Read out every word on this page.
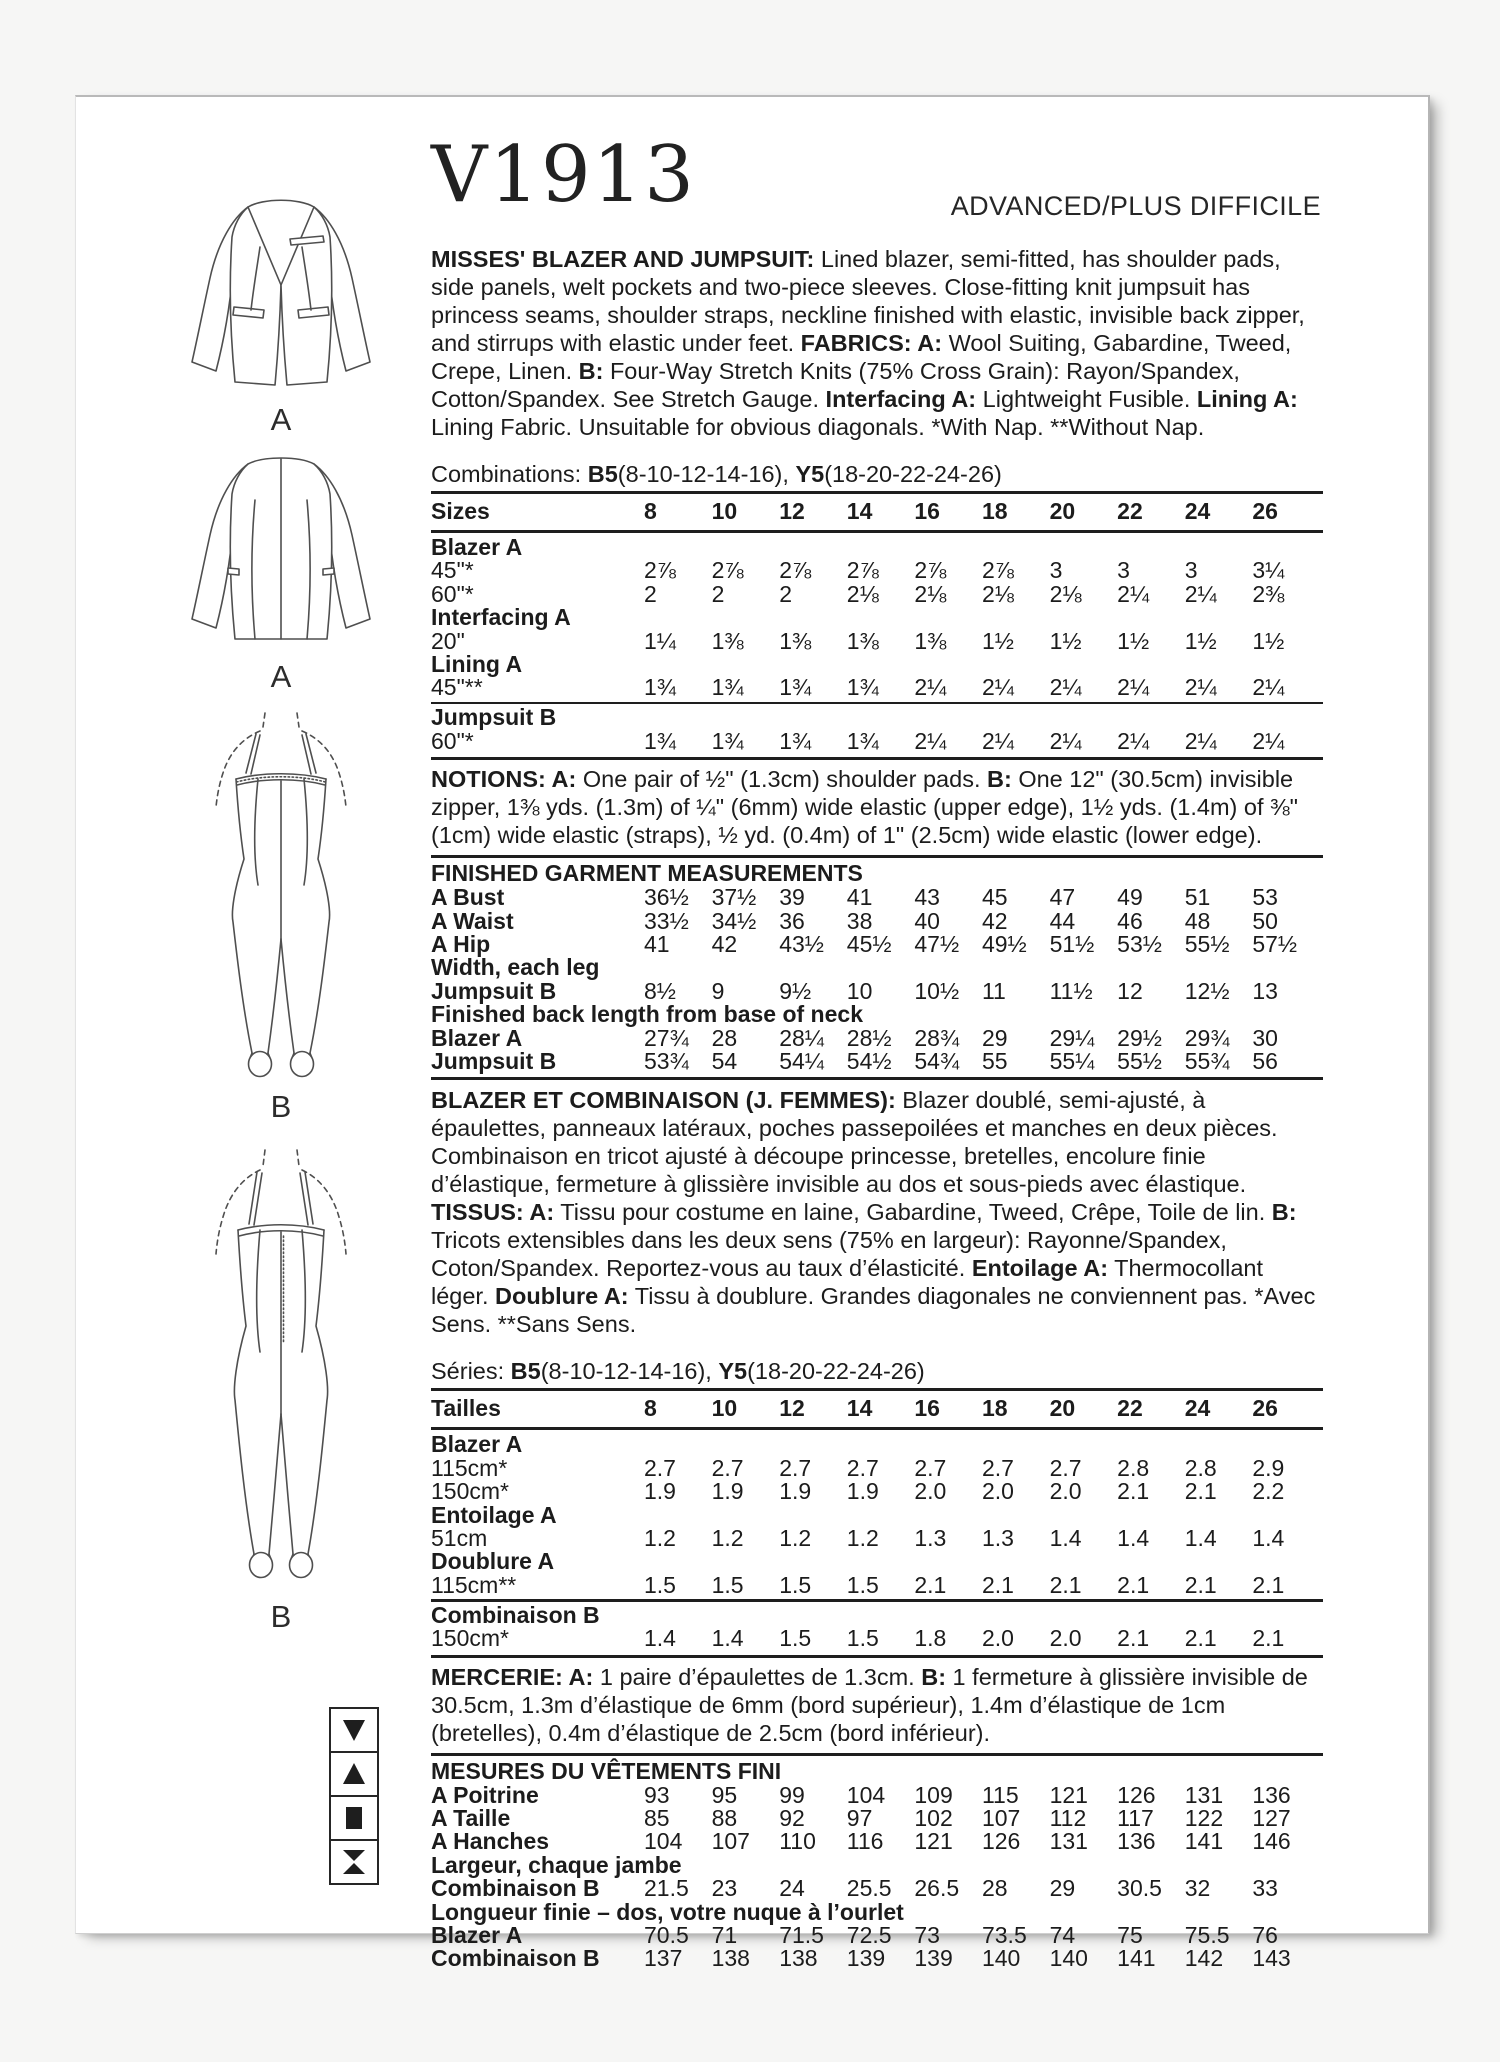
A
A
B
B
V1913	ADVANCED/PLUS DIFFICILE
MISSES' BLAZER AND JUMPSUIT: Lined blazer, semi-fitted, has shoulder pads, side panels, welt pockets and two-piece sleeves. Close-fitting knit jumpsuit has princess seams, shoulder straps, neckline finished with elastic, invisible back zipper, and stirrups with elastic under feet. FABRICS: A: Wool Suiting, Gabardine, Tweed, Crepe, Linen. B: Four-Way Stretch Knits (75% Cross Grain): Rayon/Spandex, Cotton/Spandex. See Stretch Gauge. Interfacing A: Lightweight Fusible. Lining A: Lining Fabric. Unsuitable for obvious diagonals. *With Nap. **Without Nap.
Combinations: B5(8-10-12-14-16), Y5(18-20-22-24-26)
Sizes	8	10	12	14	16	18	20	22	24	26
Blazer A
45"*	2⅞	2⅞	2⅞	2⅞	2⅞	2⅞	3	3	3	3¼
60"*	2	2	2	2⅛	2⅛	2⅛	2⅛	2¼	2¼	2⅜
Interfacing A
20"	1¼	1⅜	1⅜	1⅜	1⅜	1½	1½	1½	1½	1½
Lining A
45"**	1¾	1¾	1¾	1¾	2¼	2¼	2¼	2¼	2¼	2¼
Jumpsuit B
60"*	1¾	1¾	1¾	1¾	2¼	2¼	2¼	2¼	2¼	2¼
NOTIONS: A: One pair of ½" (1.3cm) shoulder pads. B: One 12" (30.5cm) invisible zipper, 1⅜ yds. (1.3m) of ¼" (6mm) wide elastic (upper edge), 1½ yds. (1.4m) of ⅜" (1cm) wide elastic (straps), ½ yd. (0.4m) of 1" (2.5cm) wide elastic (lower edge).
FINISHED GARMENT MEASUREMENTS
A Bust	36½ 37½ 39	41	43	45	47	49	51	53
A Waist	33½ 34½ 36	38	40	42	44	46	48	50
A Hip	41	42	43½ 45½ 47½ 49½ 51½ 53½ 55½ 57½
Width, each leg
Jumpsuit B	8½	9	9½	10	10½ 11	11½	12	12½ 13
Finished back length from base of neck
Blazer A	27¾ 28	28¼ 28½ 28¾ 29	29¼ 29½ 29¾ 30
Jumpsuit B	53¾ 54	54¼ 54½ 54¾ 55	55¼ 55½ 55¾ 56
BLAZER ET COMBINAISON (J. FEMMES): Blazer doublé, semi-ajusté, à épaulettes, panneaux latéraux, poches passepoilées et manches en deux pièces. Combinaison en tricot ajusté à découpe princesse, bretelles, encolure finie d’élastique, fermeture à glissière invisible au dos et sous-pieds avec élastique. TISSUS: A: Tissu pour costume en laine, Gabardine, Tweed, Crêpe, Toile de lin. B: Tricots extensibles dans les deux sens (75% en largeur): Rayonne/Spandex, Coton/Spandex. Reportez-vous au taux d’élasticité. Entoilage A: Thermocollant léger. Doublure A: Tissu à doublure. Grandes diagonales ne conviennent pas. *Avec Sens. **Sans Sens.
Séries: B5(8-10-12-14-16), Y5(18-20-22-24-26)
Tailles	8	10	12	14	16	18	20	22	24	26
Blazer A
115cm*	2.7	2.7	2.7	2.7	2.7	2.7	2.7	2.8	2.8	2.9
150cm*	1.9	1.9	1.9	1.9	2.0	2.0	2.0	2.1	2.1	2.2
Entoilage A
51cm	1.2	1.2	1.2	1.2	1.3	1.3	1.4	1.4	1.4	1.4
Doublure A
115cm**	1.5	1.5	1.5	1.5	2.1	2.1	2.1	2.1	2.1	2.1
Combinaison B
150cm*	1.4	1.4	1.5	1.5	1.8	2.0	2.0	2.1	2.1	2.1
MERCERIE: A: 1 paire d’épaulettes de 1.3cm. B: 1 fermeture à glissière invisible de 30.5cm, 1.3m d’élastique de 6mm (bord supérieur), 1.4m d’élastique de 1cm (bretelles), 0.4m d’élastique de 2.5cm (bord inférieur).
MESURES DU VÊTEMENTS FINI
A Poitrine	93	95	99	104	109	115	121	126	131	136
A Taille	85	88	92	97	102	107	112	117	122	127
A Hanches	104	107	110	116	121	126	131	136	141	146
Largeur, chaque jambe
Combinaison B	21.5 23	24	25.5 26.5 28	29	30.5 32	33
Longueur finie – dos, votre nuque à l’ourlet
Blazer A	70.5 71	71.5 72.5 73	73.5 74	75	75.5 76
Combinaison B	137	138	138	139	139	140	140	141	142	143
